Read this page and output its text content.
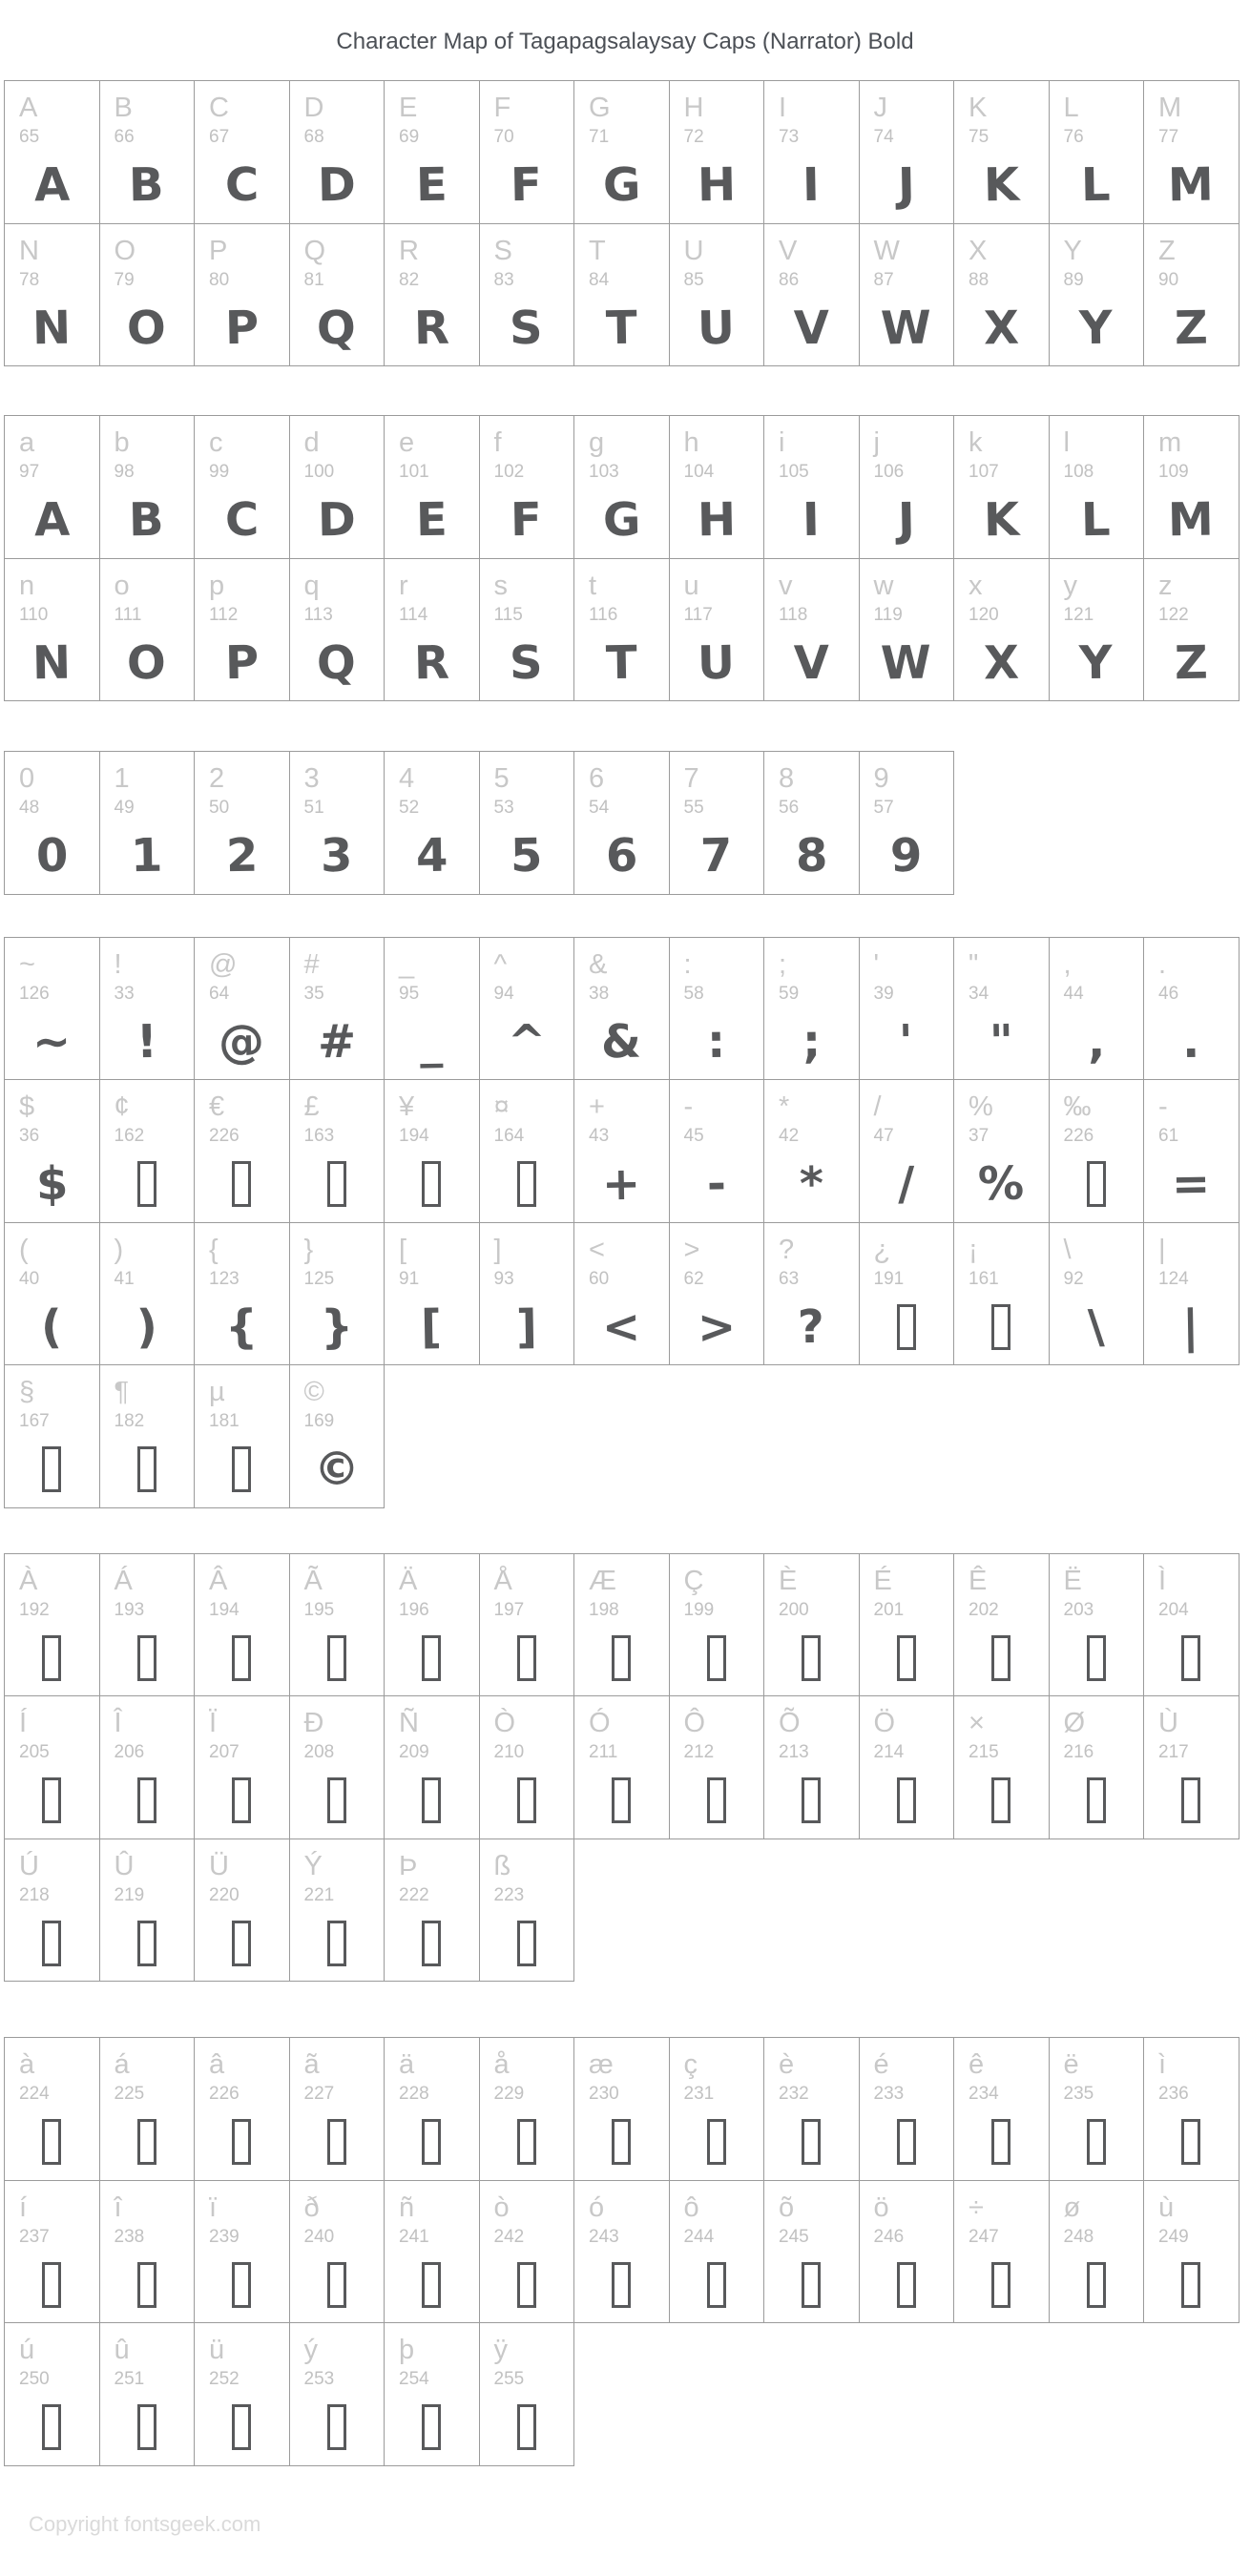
Character Map of Tagapagsalaysay Caps (Narrator) Bold
A
65
A
B
66
B
C
67
C
D
68
D
E
69
E
F
70
F
G
71
G
H
72
H
I
73
I
J
74
J
K
75
K
L
76
L
M
77
M
N
78
N
O
79
O
P
80
P
Q
81
Q
R
82
R
S
83
S
T
84
T
U
85
U
V
86
V
W
87
W
X
88
X
Y
89
Y
Z
90
Z
a
97
A
b
98
B
c
99
C
d
100
D
e
101
E
f
102
F
g
103
G
h
104
H
i
105
I
j
106
J
k
107
K
l
108
L
m
109
M
n
110
N
o
111
O
p
112
P
q
113
Q
r
114
R
s
115
S
t
116
T
u
117
U
v
118
V
w
119
W
x
120
X
y
121
Y
z
122
Z
0
48
0
1
49
1
2
50
2
3
51
3
4
52
4
5
53
5
6
54
6
7
55
7
8
56
8
9
57
9
~
126
~
!
33
!
@
64
@
#
35
#
_
95
_
^
94
^
&
38
&
:
58
:
;
59
;
'
39
'
"
34
"
,
44
,
.
46
.
$
36
$
¢
162
€
226
£
163
¥
194
¤
164
+
43
+
-
45
-
*
42
*
/
47
/
%
37
%
‰
226
-
61
=
(
40
(
)
41
)
{
123
{
}
125
}
[
91
[
]
93
]
<
60
<
>
62
>
?
63
?
¿
191
¡
161
\
92
\
|
124
|
§
167
¶
182
µ
181
©
169
©
À
192
Á
193
Â
194
Ã
195
Ä
196
Å
197
Æ
198
Ç
199
È
200
É
201
Ê
202
Ë
203
Ì
204
Í
205
Î
206
Ï
207
Ð
208
Ñ
209
Ò
210
Ó
211
Ô
212
Õ
213
Ö
214
×
215
Ø
216
Ù
217
Ú
218
Û
219
Ü
220
Ý
221
Þ
222
ß
223
à
224
á
225
â
226
ã
227
ä
228
å
229
æ
230
ç
231
è
232
é
233
ê
234
ë
235
ì
236
í
237
î
238
ï
239
ð
240
ñ
241
ò
242
ó
243
ô
244
õ
245
ö
246
÷
247
ø
248
ù
249
ú
250
û
251
ü
252
ý
253
þ
254
ÿ
255
Copyright fontsgeek.com
